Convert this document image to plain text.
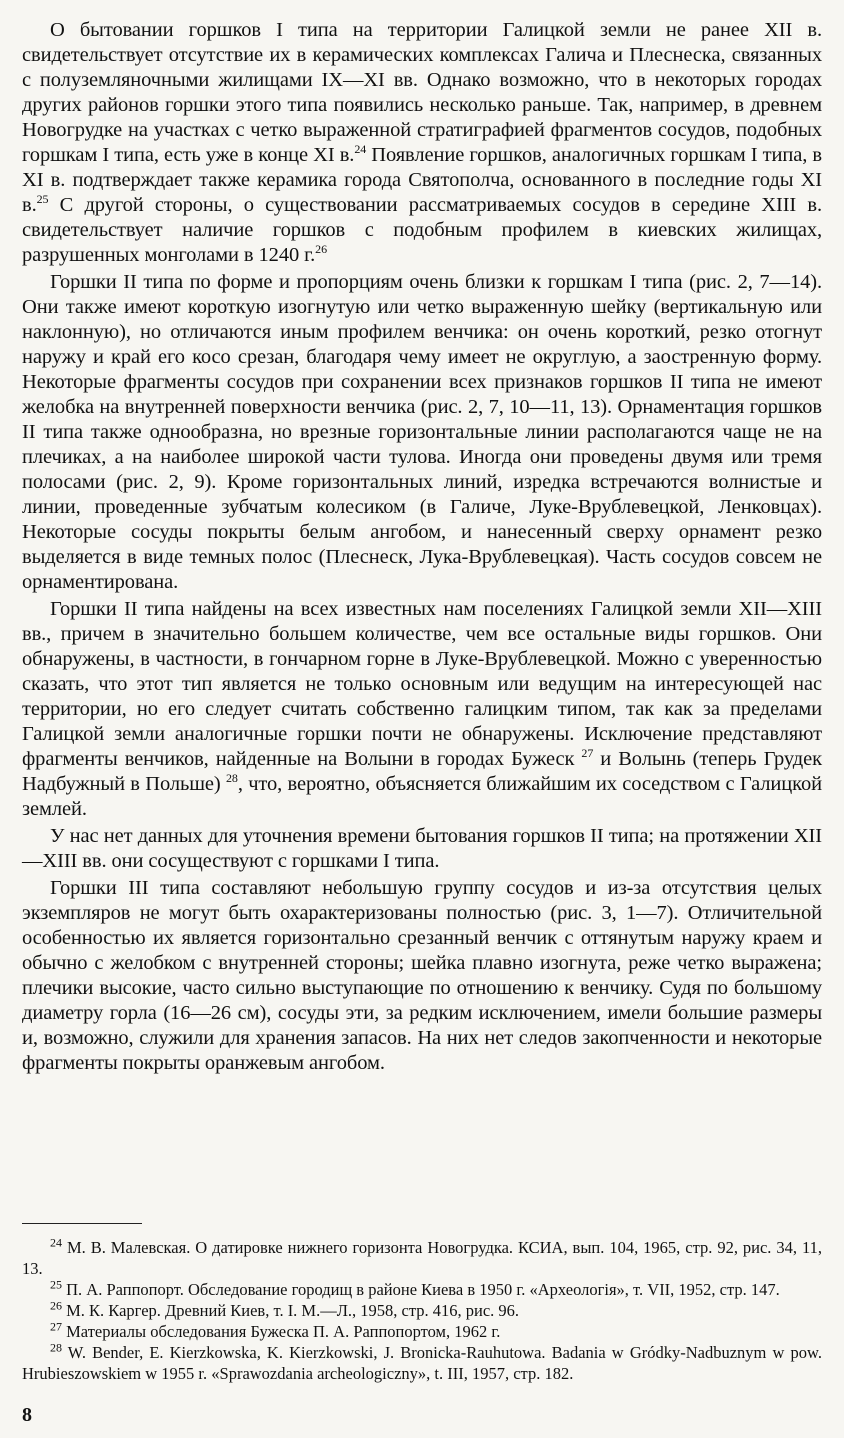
О бытовании горшков I типа на территории Галицкой земли не ранее XII в. свидетельствует отсутствие их в керамических комплексах Галича и Плеснеска, связанных с полуземляночными жилищами IX—XI вв. Однако возможно, что в некоторых городах других районов горшки этого типа появились несколько раньше. Так, например, в древнем Новогрудке на участках с четко выраженной стратиграфией фрагментов сосудов, подобных горшкам I типа, есть уже в конце XI в.$^{24}$ Появление горшков, аналогичных горшкам I типа, в XI в. подтверждает также керамика города Святополча, основанного в последние годы XI в.$^{25}$ С другой стороны, о существовании рассматриваемых сосудов в середине XIII в. свидетельствует наличие горшков с подобным профилем в киевских жилищах, разрушенных монголами в 1240 г.$^{26}$

Горшки II типа по форме и пропорциям очень близки к горшкам I типа (рис. 2, 7—14). Они также имеют короткую изогнутую или четко выраженную шейку (вертикальную или наклонную), но отличаются иным профилем венчика: он очень короткий, резко отогнут наружу и край его косо срезан, благодаря чему имеет не округлую, а заостренную форму. Некоторые фрагменты сосудов при сохранении всех признаков горшков II типа не имеют желобка на внутренней поверхности венчика (рис. 2, 7, 10—11, 13). Орнаментация горшков II типа также однообразна, но врезные горизонтальные линии располагаются чаще не на плечиках, а на наиболее широкой части тулова. Иногда они проведены двумя или тремя полосами (рис. 2, 9). Кроме горизонтальных линий, изредка встречаются волнистые и линии, проведенные зубчатым колесиком (в Галиче, Луке-Врублевецкой, Ленковцах). Некоторые сосуды покрыты белым ангобом, и нанесенный сверху орнамент резко выделяется в виде темных полос (Плеснеск, Лука-Врублевецкая). Часть сосудов совсем не орнаментирована.

Горшки II типа найдены на всех известных нам поселениях Галицкой земли XII—XIII вв., причем в значительно большем количестве, чем все остальные виды горшков. Они обнаружены, в частности, в гончарном горне в Луке-Врублевецкой. Можно с уверенностью сказать, что этот тип является не только основным или ведущим на интересующей нас территории, но его следует считать собственно галицким типом, так как за пределами Галицкой земли аналогичные горшки почти не обнаружены. Исключение представляют фрагменты венчиков, найденные на Волыни в городах Бужеск $^{27}$ и Волынь (теперь Грудек Надбужный в Польше) $^{28}$, что, вероятно, объясняется ближайшим их соседством с Галицкой землей.

У нас нет данных для уточнения времени бытования горшков II типа; на протяжении XII—XIII вв. они сосуществуют с горшками I типа.

Горшки III типа составляют небольшую группу сосудов и из-за отсутствия целых экземпляров не могут быть охарактеризованы полностью (рис. 3, 1—7). Отличительной особенностью их является горизонтально срезанный венчик с оттянутым наружу краем и обычно с желобком с внутренней стороны; шейка плавно изогнута, реже четко выражена; плечики высокие, часто сильно выступающие по отношению к венчику. Судя по большому диаметру горла (16—26 см), сосуды эти, за редким исключением, имели большие размеры и, возможно, служили для хранения запасов. На них нет следов закопченности и некоторые фрагменты покрыты оранжевым ангобом.

$^{24}$ М. В. Малевская. О датировке нижнего горизонта Новогрудка. КСИА, вып. 104, 1965, стр. 92, рис. 34, 11, 13.

$^{25}$ П. А. Раппопорт. Обследование городищ в районе Киева в 1950 г. «Археологія», т. VII, 1952, стр. 147.

$^{26}$ М. К. Каргер. Древний Киев, т. I. М.—Л., 1958, стр. 416, рис. 96.

$^{27}$ Материалы обследования Бужеска П. А. Раппопортом, 1962 г.

$^{28}$ W. Bender, E. Kierzkowska, K. Kierzkowski, J. Bronicka-Rauhutowa. Badania w Gródky-Nadbuznym w pow. Hrubieszowskiem w 1955 r. «Sprawozdania archeologiczny», t. III, 1957, стр. 182.

8
